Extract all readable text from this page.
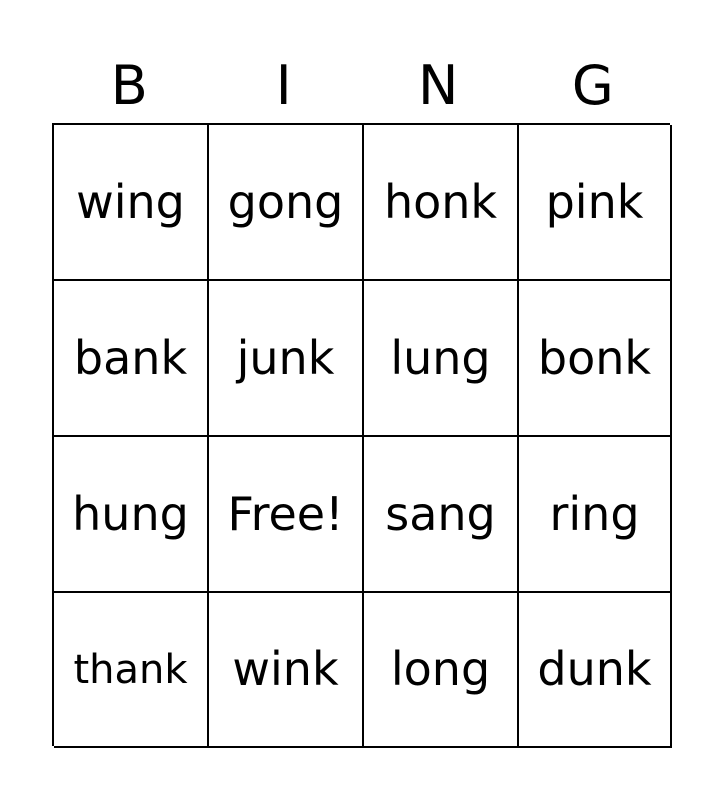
B	I	N	G
wing gong honk pink
bank junk lung bonk
hung Free! sang ring
thank wink long dunk
